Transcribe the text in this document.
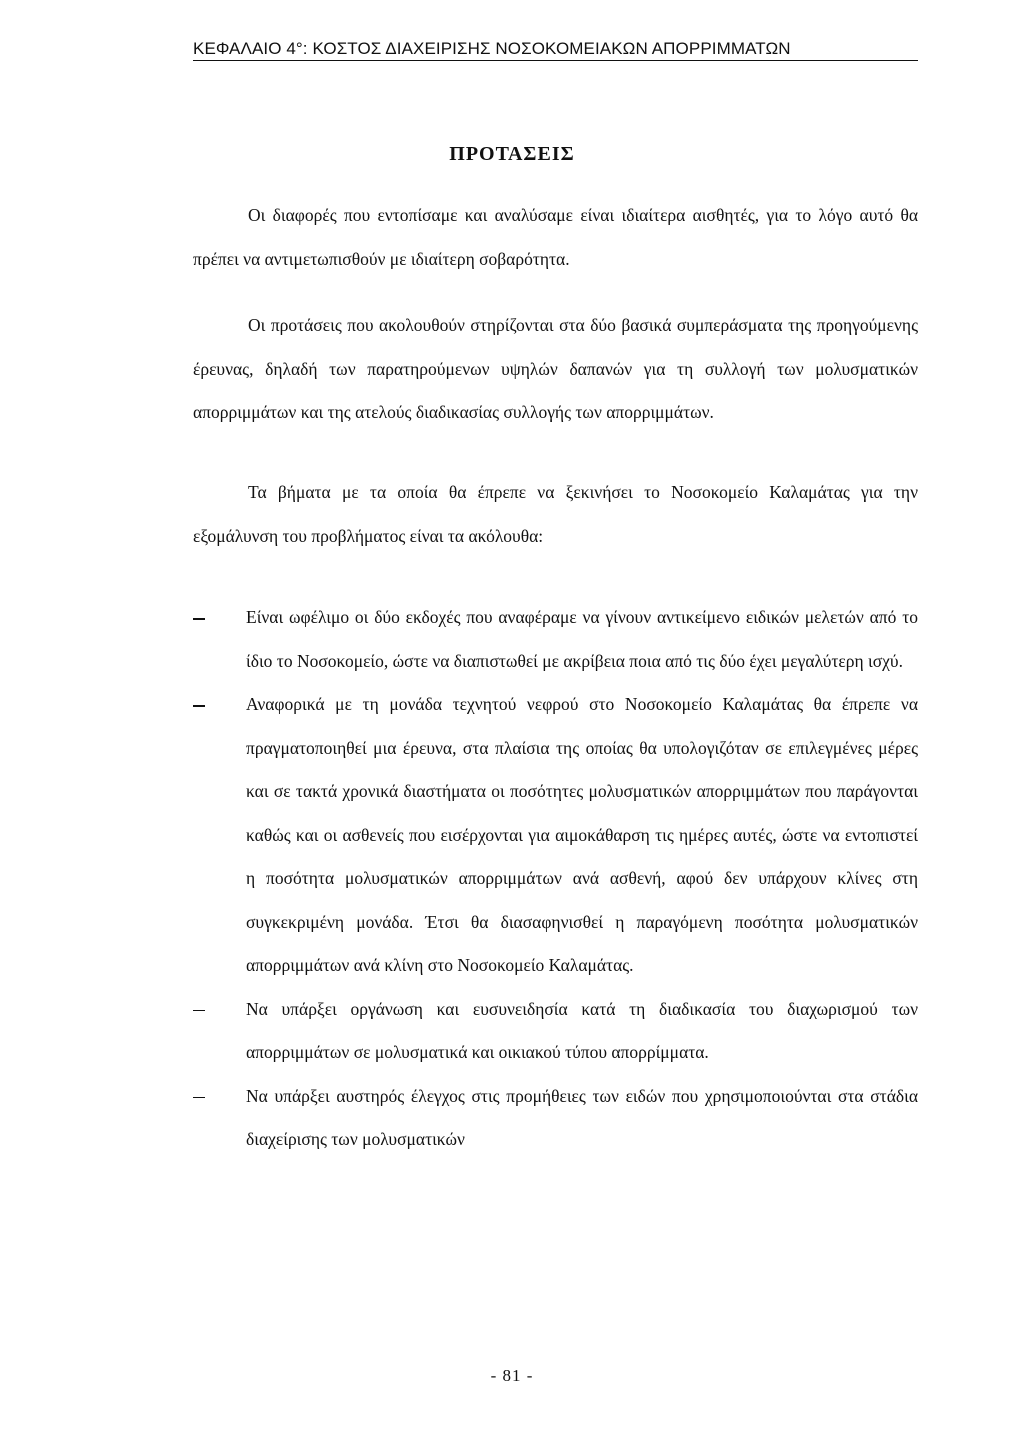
ΚΕΦΑΛΑΙΟ 4°: ΚΟΣΤΟΣ ΔΙΑΧΕΙΡΙΣΗΣ ΝΟΣΟΚΟΜΕΙΑΚΩΝ ΑΠΟΡΡΙΜΜΑΤΩΝ
ΠΡΟΤΑΣΕΙΣ
Οι διαφορές που εντοπίσαμε και αναλύσαμε είναι ιδιαίτερα αισθητές, για το λόγο αυτό θα πρέπει να αντιμετωπισθούν με ιδιαίτερη σοβαρότητα.
Οι προτάσεις που ακολουθούν στηρίζονται στα δύο βασικά συμπεράσματα της προηγούμενης έρευνας, δηλαδή των παρατηρούμενων υψηλών δαπανών για τη συλλογή των μολυσματικών απορριμμάτων και της ατελούς διαδικασίας συλλογής των απορριμμάτων.
Τα βήματα με τα οποία θα έπρεπε να ξεκινήσει το Νοσοκομείο Καλαμάτας για την εξομάλυνση του προβλήματος είναι τα ακόλουθα:
Είναι ωφέλιμο οι δύο εκδοχές που αναφέραμε να γίνουν αντικείμενο ειδικών μελετών από το ίδιο το Νοσοκομείο, ώστε να διαπιστωθεί με ακρίβεια ποια από τις δύο έχει μεγαλύτερη ισχύ.
Αναφορικά με τη μονάδα τεχνητού νεφρού στο Νοσοκομείο Καλαμάτας θα έπρεπε να πραγματοποιηθεί μια έρευνα, στα πλαίσια της οποίας θα υπολογιζόταν σε επιλεγμένες μέρες και σε τακτά χρονικά διαστήματα οι ποσότητες μολυσματικών απορριμμάτων που παράγονται καθώς και οι ασθενείς που εισέρχονται για αιμοκάθαρση τις ημέρες αυτές, ώστε να εντοπιστεί η ποσότητα μολυσματικών απορριμμάτων ανά ασθενή, αφού δεν υπάρχουν κλίνες στη συγκεκριμένη μονάδα. Έτσι θα διασαφηνισθεί η παραγόμενη ποσότητα μολυσματικών απορριμμάτων ανά κλίνη στο Νοσοκομείο Καλαμάτας.
Να υπάρξει οργάνωση και ευσυνειδησία κατά τη διαδικασία του διαχωρισμού των απορριμμάτων σε μολυσματικά και οικιακού τύπου απορρίμματα.
Να υπάρξει αυστηρός έλεγχος στις προμήθειες των ειδών που χρησιμοποιούνται στα στάδια διαχείρισης των μολυσματικών
- 81 -
